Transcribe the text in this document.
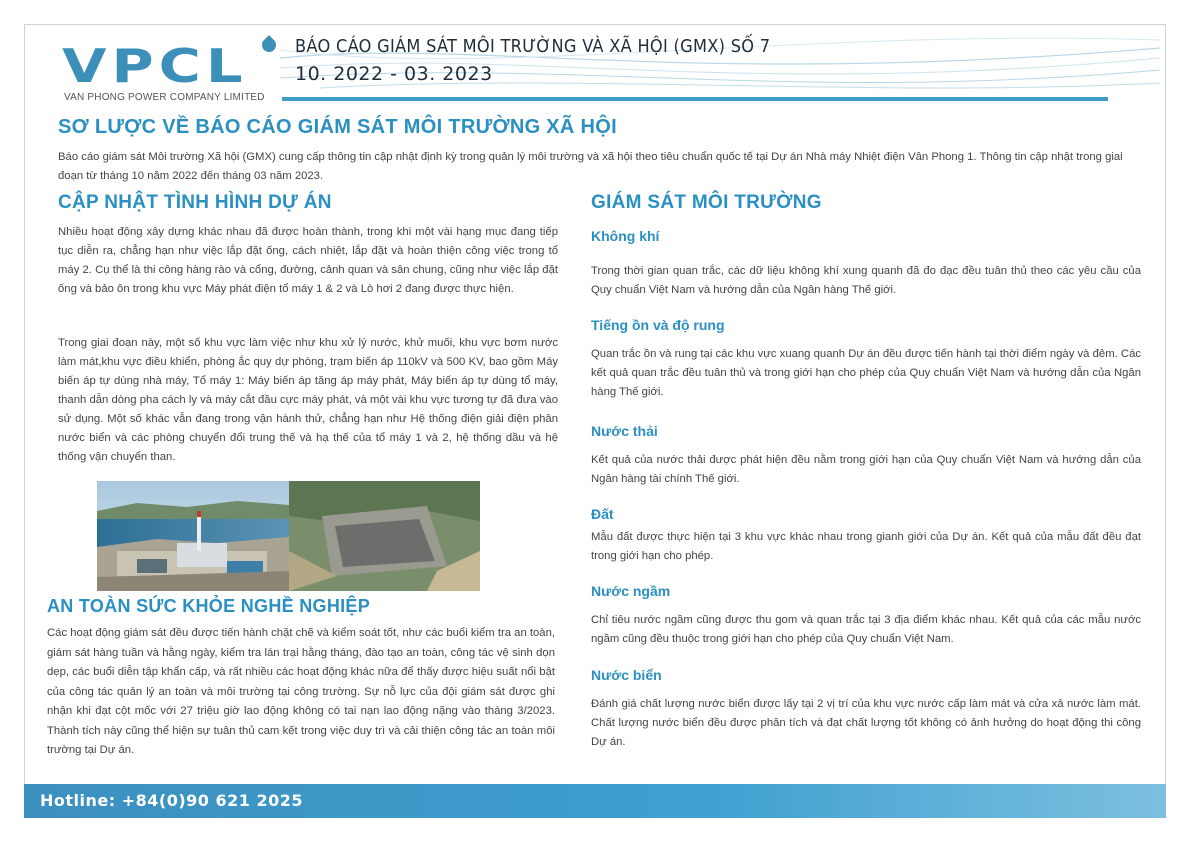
VPCL
VAN PHONG POWER COMPANY LIMITED
BÁO CÁO GIÁM SÁT MÔI TRƯỜNG VÀ XÃ HỘI (GMX) SỐ 7
10. 2022 - 03. 2023
SƠ LƯỢC VỀ BÁO CÁO GIÁM SÁT MÔI TRƯỜNG XÃ HỘI
Báo cáo giám sát Môi trường Xã hội (GMX) cung cấp thông tin cập nhật định kỳ trong quản lý môi trường và xã hội theo tiêu chuẩn quốc tế tại Dự án Nhà máy Nhiệt điện Vân Phong 1. Thông tin cập nhật trong giai đoạn từ tháng 10 năm 2022 đến tháng 03 năm 2023.
CẬP NHẬT TÌNH HÌNH DỰ ÁN

Nhiều hoạt động xây dựng khác nhau đã được hoàn thành, trong khi một vài hạng mục đang tiếp tục diễn ra, chẳng hạn như việc lắp đặt ống, cách nhiệt, lắp đặt và hoàn thiện công việc trong tổ máy 2. Cụ thể là thi công hàng rào và cổng, đường, cảnh quan và sân chung, cũng như việc lắp đặt ống và bảo ôn trong khu vực Máy phát điện tổ máy 1 & 2 và Lò hơi 2 đang được thực hiện.

Trong giai đoạn này, một số khu vực làm việc như khu xử lý nước, khử muối, khu vực bơm nước làm mát,khu vực điều khiển, phòng ắc quy dự phòng, trạm biến áp 110kV và 500 KV, bao gồm Máy biến áp tự dùng nhà máy, Tổ máy 1: Máy biến áp tăng áp máy phát, Máy biến áp tự dùng tổ máy, thanh dẫn dòng pha cách ly và máy cắt đầu cực máy phát, và một vài khu vực tương tự đã đưa vào sử dụng. Một số khác vẫn đang trong vận hành thử, chẳng hạn như Hệ thống điện giải điện phân nước biển và các phòng chuyển đổi trung thế và hạ thế của tổ máy 1 và 2, hệ thống dầu và hệ thống vận chuyển than.

AN TOÀN SỨC KHỎE NGHỀ NGHIỆP

Các hoạt động giám sát đều được tiến hành chặt chẽ và kiểm soát tốt, như các buổi kiểm tra an toàn, giám sát hàng tuần và hằng ngày, kiểm tra lán trại hằng tháng, đào tạo an toàn, công tác vệ sinh dọn dẹp, các buổi diễn tập khẩn cấp, và rất nhiều các hoạt động khác nữa để thấy được hiệu suất nổi bật của công tác quản lý an toàn và môi trường tại công trường. Sự nỗ lực của đội giám sát được ghi nhận khi đạt cột mốc với 27 triệu giờ lao động không có tai nạn lao động nặng vào tháng 3/2023. Thành tích này cũng thể hiện sự tuân thủ cam kết trong việc duy trì và cải thiện công tác an toàn môi trường tại Dự án.

GIÁM SÁT MÔI TRƯỜNG
Không khí

Trong thời gian quan trắc, các dữ liệu không khí xung quanh đã đo đạc đều tuân thủ theo các yêu cầu của Quy chuẩn Việt Nam và hướng dẫn của Ngân hàng Thế giới.

Tiếng ồn và độ rung

Quan trắc ồn và rung tại các khu vực xuang quanh Dự án đều được tiến hành tại thời điểm ngày và đêm. Các kết quả quan trắc đều tuân thủ và trong giới hạn cho phép của Quy chuẩn Việt Nam và hướng dẫn của Ngân hàng Thế giới.

Nước thải

Kết quả của nước thải được phát hiện đều nằm trong giới hạn của Quy chuẩn Việt Nam và hướng dẫn của Ngân hàng tài chính Thế giới.

Đất

Mẫu đất được thực hiện tại 3 khu vực khác nhau trong gianh giới của Dự án. Kết quả của mẫu đất đều đạt trong giới hạn cho phép.

Nước ngầm

Chỉ tiêu nước ngầm cũng được thu gom và quan trắc tại 3 địa điểm khác nhau. Kết quả của các mẫu nước ngầm cũng đều thuộc trong giới hạn cho phép của Quy chuẩn Việt Nam.

Nước biển

Đánh giá chất lượng nước biển được lấy tại 2 vị trí của khu vực nước cấp làm mát và cửa xả nước làm mát. Chất lượng nước biển đều được phân tích và đạt chất lượng tốt không có ảnh hưởng do hoạt động thi công Dự án.

Hotline: +84(0)90 621 2025
